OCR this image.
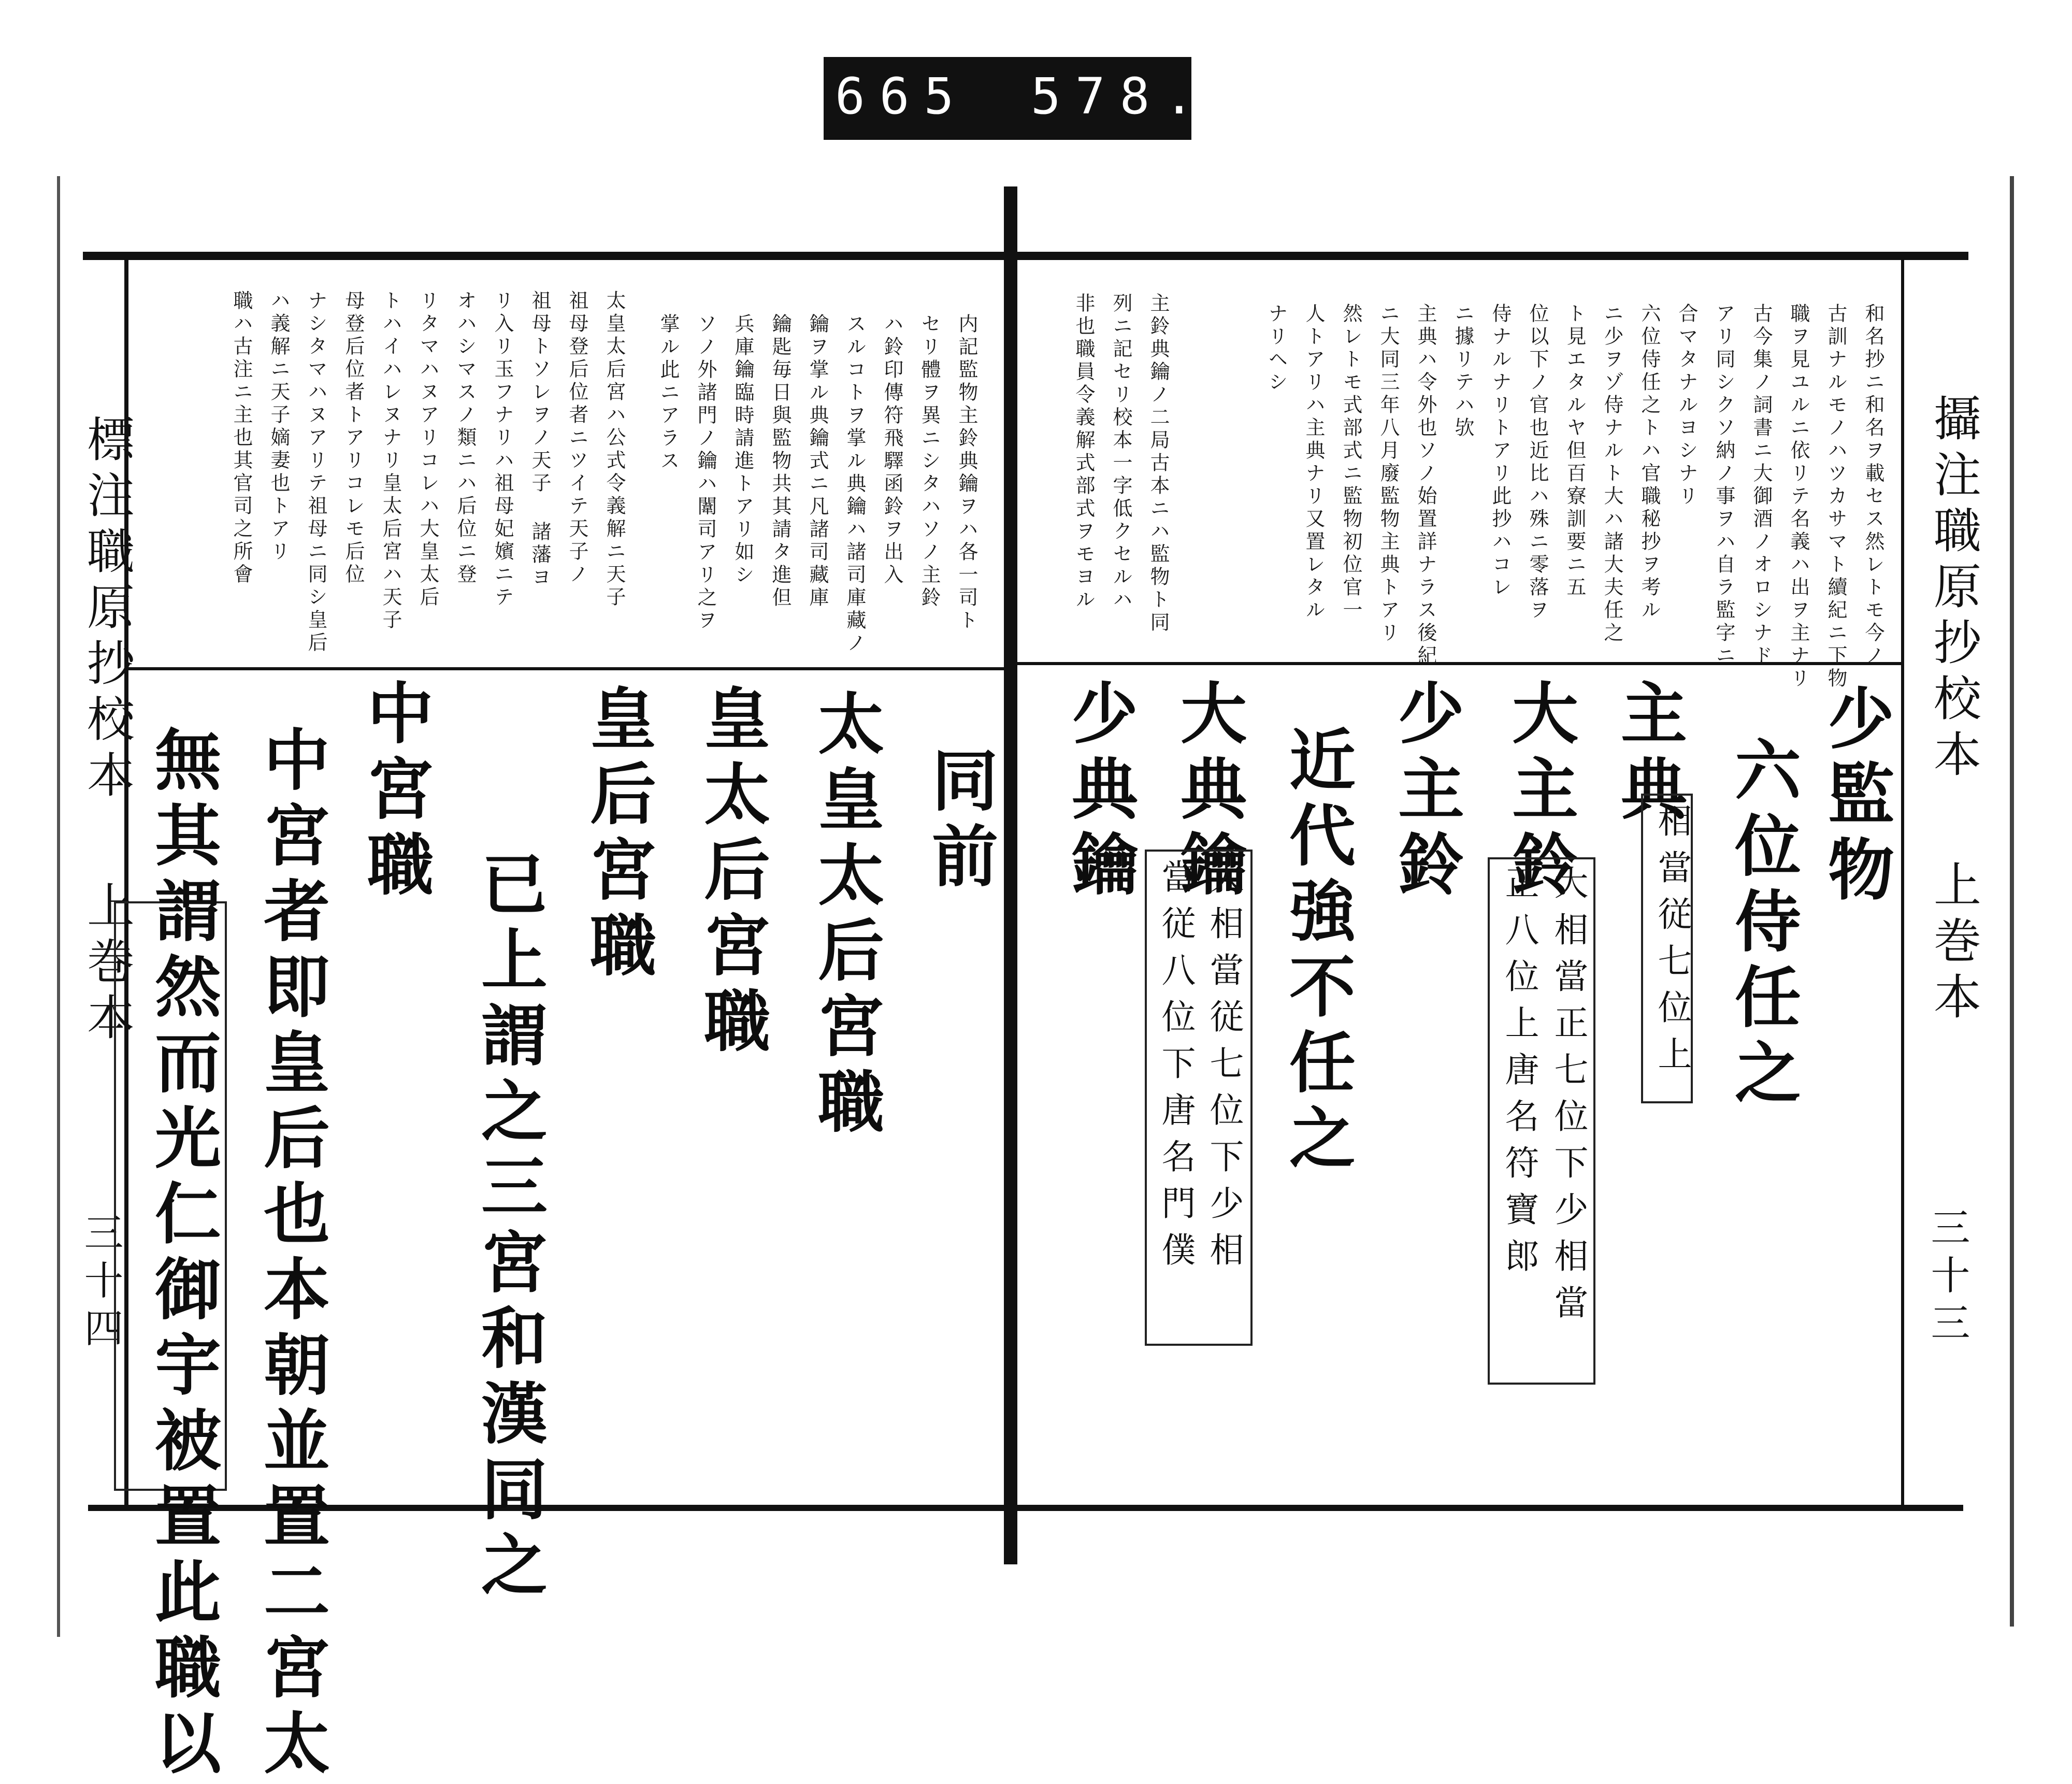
665 578.
攝注職原抄校本
上巻本
三十三
標注職原抄校本
上巻本
三十四
和名抄ニ和名ヲ載セス然レトモ今ノ
古訓ナルモノハツカサマト續紀ニ下物
職ヲ見ユルニ依リテ名義ハ出ヲ主ナリ
古今集ノ詞書ニ大御酒ノオロシナド
アリ同シクソ納ノ事ヲハ自ラ監字ニ
合マタナルヨシナリ
六位侍任之トハ官職秘抄ヲ考ル
ニ少ヲゾ侍ナルト大ハ諸大夫任之
ト見エタルヤ但百寮訓要ニ五
位以下ノ官也近比ハ殊ニ零落ヲ
侍ナルナリトアリ此抄ハコレ
ニ據リテハ欤
主典ハ令外也ソノ始置詳ナラス後紀
ニ大同三年八月廢監物主典トアリ
然レトモ式部式ニ監物初位官一
人トアリハ主典ナリ又置レタル
ナリヘシ
主鈴典鑰ノ二局古本ニハ監物ト同
列ニ記セリ校本一字低クセルハ
非也職員令義解式部式ヲモヨル
少監物
六位侍任之
主典
相當従七位上
大主鈴
大相當正七位下少相當
正八位上唐名符寶郎
少主鈴
近代強不任之
大典鑰
大相當従七位下少相
當従八位下唐名門僕
少典鑰
内記監物主鈴典鑰ヲハ各一司ト
セリ體ヲ異ニシタハソノ主鈴
ハ鈴印傳符飛驛函鈴ヲ出入
スルコトヲ掌ル典鑰ハ諸司庫藏ノ
鑰ヲ掌ル典鑰式ニ凡諸司藏庫
鑰匙毎日與監物共其請タ進但
兵庫鑰臨時請進トアリ如シ
ソノ外諸門ノ鑰ハ闈司アリ之ヲ
掌ル此ニアラス
太皇太后宮ハ公式令義解ニ天子
祖母登后位者ニツイテ天子ノ
祖母トソレヲノ天子 諸藩ヨ
リ入リ玉フナリハ祖母妃嬪ニテ
オハシマスノ類ニハ后位ニ登
リタマハヌアリコレハ大皇太后
トハイハレヌナリ皇太后宮ハ天子
母登后位者トアリコレモ后位
ナシタマハヌアリテ祖母ニ同シ皇后
ハ義解ニ天子嫡妻也トアリ
職ハ古注ニ主也其官司之所會
同前
太皇太后宮職
皇太后宮職
皇后宮職
已上謂之三宮和漢同之
中宮職
中宮者即皇后也本朝並置二宮太
無其謂然而光仁御宇被置此職以
